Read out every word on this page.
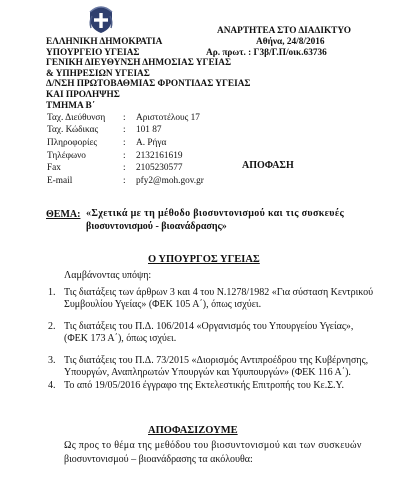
ΑΝΑΡΤΗΤΕΑ ΣΤΟ ΔΙΑΔΙΚΤΥΟ
Αθήνα, 24/8/2016
Αρ. πρωτ. : Γ3β/Γ.Π/οικ.63736
ΕΛΛΗΝΙΚΗ ΔΗΜΟΚΡΑΤΙΑ
ΥΠΟΥΡΓΕΙΟ ΥΓΕΙΑΣ
ΓΕΝΙΚΗ ΔΙΕΥΘΥΝΣΗ ΔΗΜΟΣΙΑΣ ΥΓΕΙΑΣ
& ΥΠΗΡΕΣΙΩΝ ΥΓΕΙΑΣ
Δ/ΝΣΗ ΠΡΩΤΟΒΑΘΜΙΑΣ ΦΡΟΝΤΙΔΑΣ ΥΓΕΙΑΣ
ΚΑΙ ΠΡΟΛΗΨΗΣ
ΤΜΗΜΑ Β΄
Ταχ. Διεύθυνση : Αριστοτέλους 17
Ταχ. Κώδικας	: 101 87
Πληροφορίες	: Α. Ρήγα
Τηλέφωνο	: 2132161619
Fax	: 2105230577
E-mail	: pfy2@moh.gov.gr
ΑΠΟΦΑΣΗ
ΘΕΜΑ: «Σχετικά με τη μέθοδο βιοσυντονισμού και τις συσκευές
βιοσυντονισμού - βιοανάδρασης»
Ο ΥΠΟΥΡΓΟΣ ΥΓΕΙΑΣ
Λαμβάνοντας υπόψη:
1. Τις διατάξεις των άρθρων 3 και 4 του Ν.1278/1982 «Για σύσταση Κεντρικού
Συμβουλίου Υγείας» (ΦΕΚ 105 Α΄), όπως ισχύει.
2. Τις διατάξεις του Π.Δ. 106/2014 «Οργανισμός του Υπουργείου Υγείας»,
(ΦΕΚ 173 Α΄), όπως ισχύει.
3. Τις διατάξεις του Π.Δ. 73/2015 «Διορισμός Αντιπροέδρου της Κυβέρνησης,
Υπουργών, Αναπληρωτών Υπουργών και Υφυπουργών» (ΦΕΚ 116 Α΄).
4. Το από 19/05/2016 έγγραφο της Εκτελεστικής Επιτροπής του Κε.Σ.Υ.
ΑΠΟΦΑΣΙΖΟΥΜΕ
Ως προς το θέμα της μεθόδου του βιοσυντονισμού και των συσκευών
βιοσυντονισμού – βιοανάδρασης τα ακόλουθα:
